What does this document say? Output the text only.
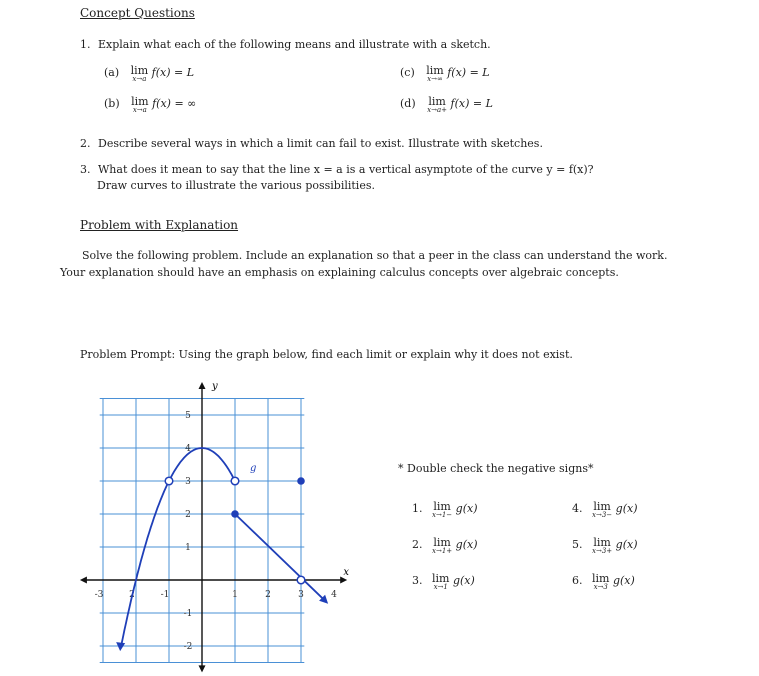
Concept Questions
1. Explain what each of the following means and illustrate with a sketch.
(a) lim
x→a f(x) = L
(b) lim
x→a f(x) = ∞
(c) lim
x→∞ f(x) = L
(d) lim
x→a+ f(x) = L
2. Describe several ways in which a limit can fail to exist. Illustrate with sketches.
3. What does it mean to say that the line x = a is a vertical asymptote of the curve y = f(x)?
Draw curves to illustrate the various possibilities.
Problem with Explanation
Solve the following problem. Include an explanation so that a peer in the class can understand the work. Your explanation should have an emphasis on explaining calculus concepts over algebraic concepts.
Problem Prompt: Using the graph below, find each limit or explain why it does not exist.
-3	2	-1	1	2	3	4
5
4
3
2
1
-1
-2
x
y
g	* Double check the negative signs*
1. lim
x→1− g(x)
2. lim
x→1+ g(x)
3. lim
x→1 g(x)
4. lim
x→3− g(x)
5. lim
x→3+ g(x)
6. lim
x→3 g(x)
